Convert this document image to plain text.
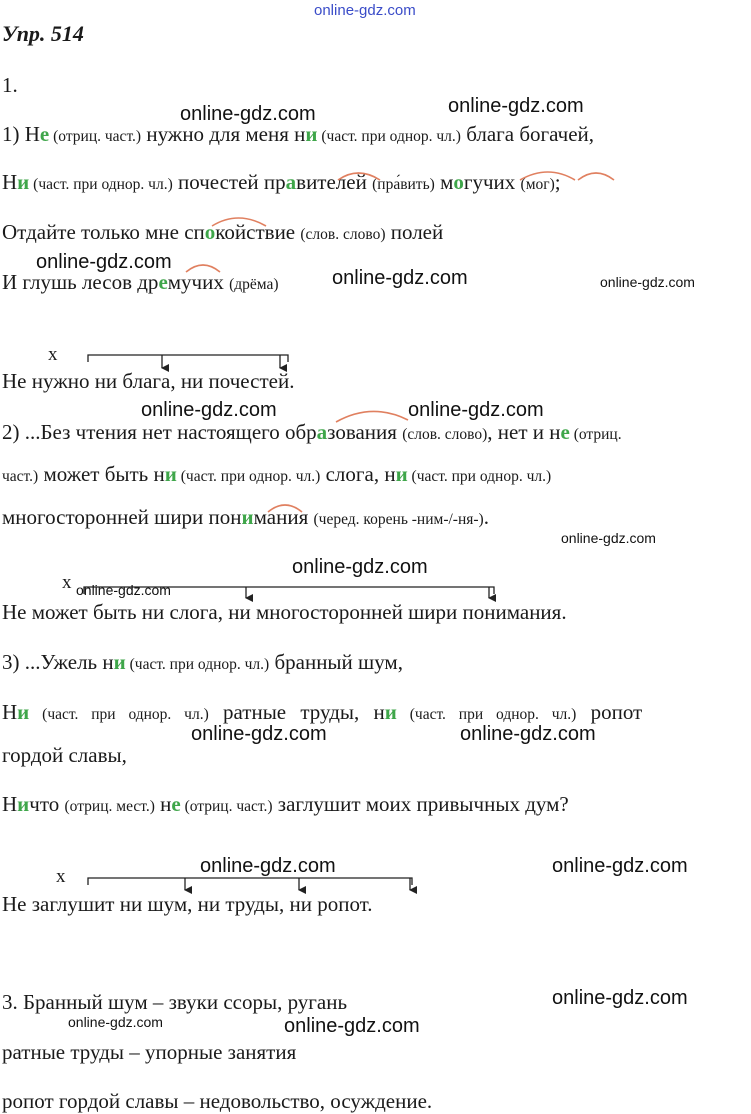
online-gdz.com
online-gdz.com	online-gdz.com
online-gdz.com
online-gdz.com	online-gdz.com
online-gdz.com	online-gdz.com
online-gdz.com
online-gdz.com
online-gdz.com
online-gdz.com	online-gdz.com
online-gdz.com	online-gdz.com
online-gdz.com
online-gdz.com	online-gdz.com
Упр. 514
1.
1) Не (отриц. част.) нужно для меня ни (част. при однор. чл.) блага богачей,
Ни (част. при однор. чл.) почестей правителей (пра́вить) могучих (мог);
Отдайте только мне спокойствие (слов. слово) полей
И глушь лесов дремучих (дрёма)
х
Не нужно ни блага, ни почестей.
2) ...Без чтения нет настоящего образования (слов. слово), нет и не (отриц.
част.) может быть ни (част. при однор. чл.) слога, ни (част. при однор. чл.)
многосторонней шири понимания (черед. корень -ним-/-ня-).
х
Не может быть ни слога, ни многосторонней шири понимания.
3) ...Ужель ни (част. при однор. чл.) бранный шум,
Ни (част. при однор. чл.) ратные труды, ни (част. при однор. чл.) ропот
гордой славы,
Ничто (отриц. мест.) не (отриц. част.) заглушит моих привычных дум?
х
Не заглушит ни шум, ни труды, ни ропот.
3. Бранный шум – звуки ссоры, ругань
ратные труды – упорные занятия
ропот гордой славы – недовольство, осуждение.
